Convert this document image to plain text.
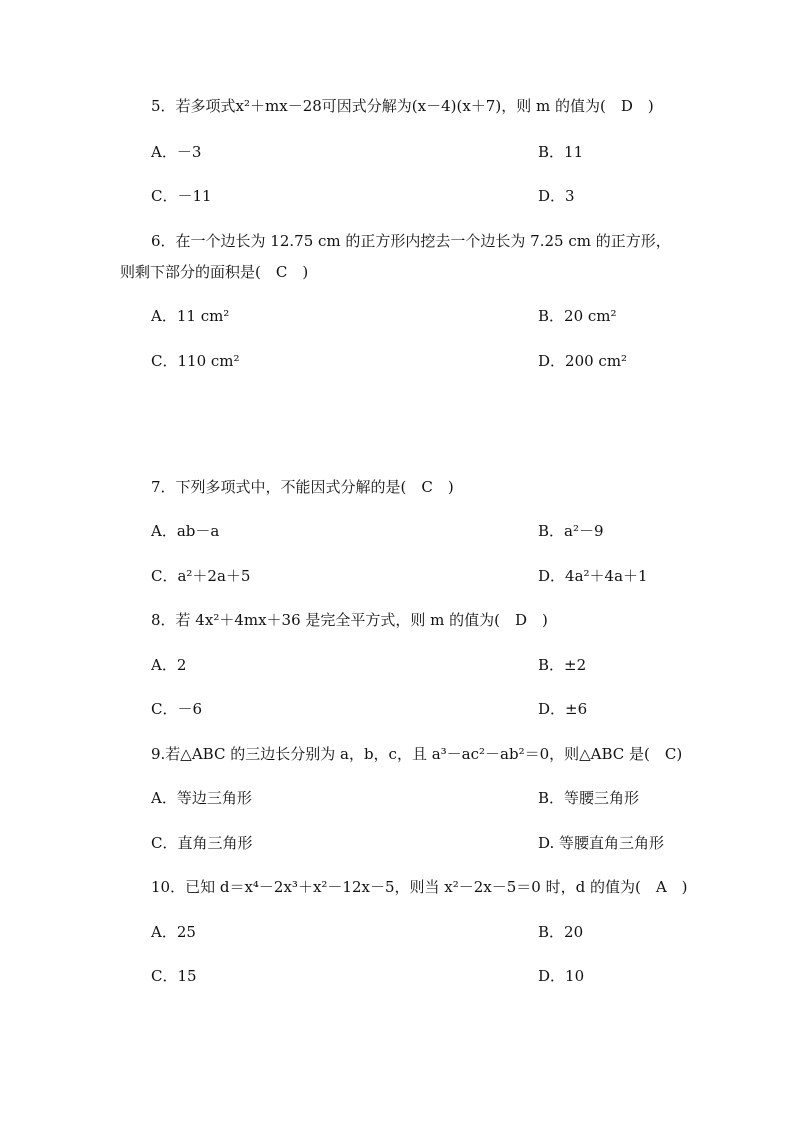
5．若多项式x²＋mx－28可因式分解为(x－4)(x＋7)，则 m 的值为(　D　)
A．－3	B．11
C．－11	D．3
6．在一个边长为 12.75 cm 的正方形内挖去一个边长为 7.25 cm 的正方形，
则剩下部分的面积是(　C　)
A．11 cm²	B．20 cm²
C．110 cm²	D．200 cm²
7．下列多项式中，不能因式分解的是(　C　)
A．ab－a	B．a²－9
C．a²＋2a＋5	D．4a²＋4a＋1
8．若 4x²＋4mx＋36 是完全平方式，则 m 的值为(　D　)
A．2	B．±2
C．－6	D．±6
9.若△ABC 的三边长分别为 a，b，c，且 a³－ac²－ab²＝0，则△ABC 是(　C)
A．等边三角形	B．等腰三角形
C．直角三角形	D. 等腰直角三角形
10．已知 d＝x⁴－2x³＋x²－12x－5，则当 x²－2x－5＝0 时，d 的值为(　A　)
A．25	B．20
C．15	D．10
